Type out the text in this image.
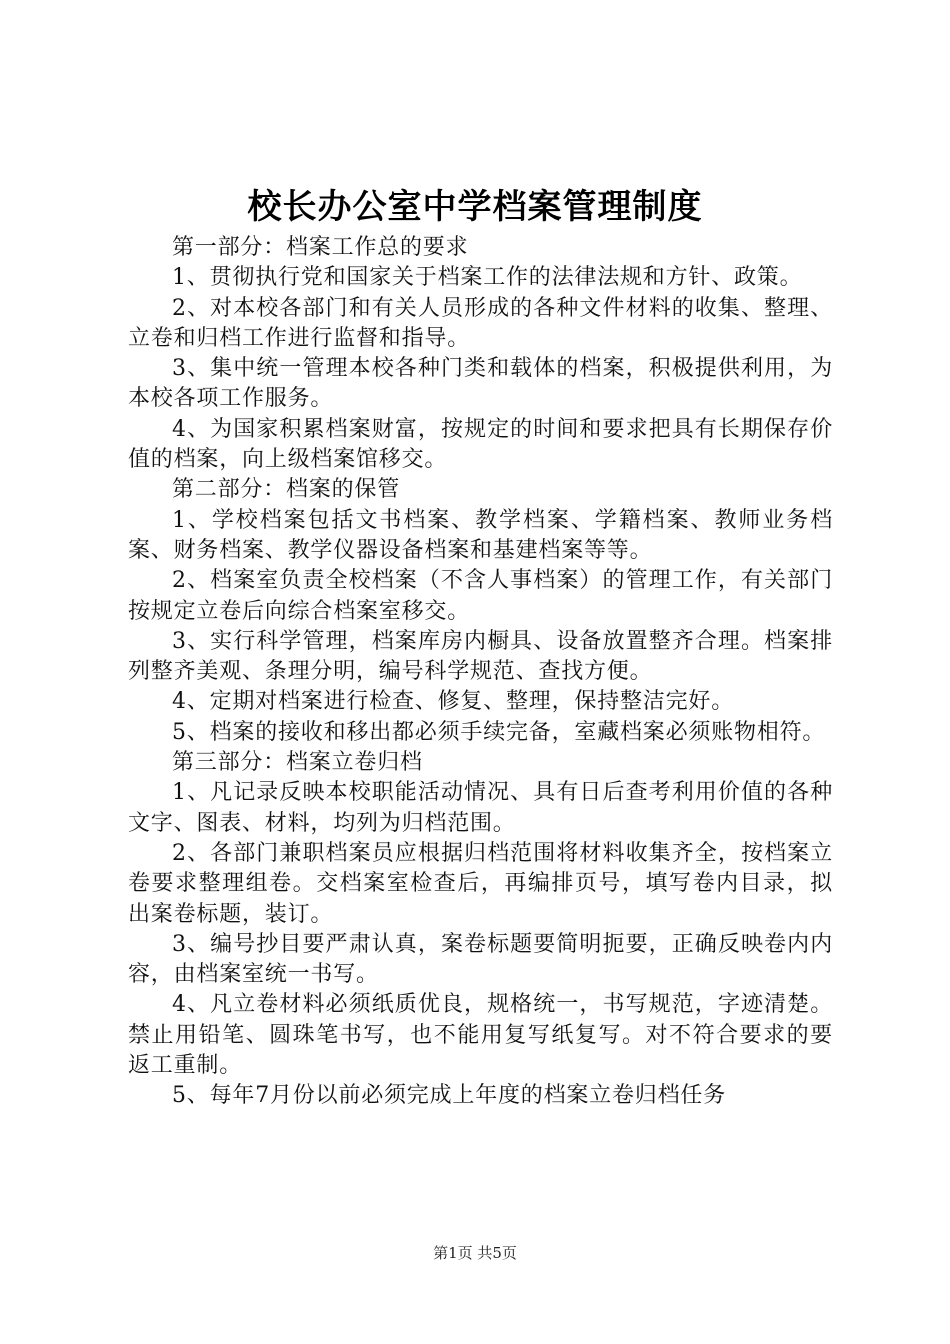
校长办公室中学档案管理制度

第一部分：档案工作总的要求

1、贯彻执行党和国家关于档案工作的法律法规和方针、政策。

2、对本校各部门和有关人员形成的各种文件材料的收集、整理、立卷和归档工作进行监督和指导。

3、集中统一管理本校各种门类和载体的档案，积极提供利用，为本校各项工作服务。

4、为国家积累档案财富，按规定的时间和要求把具有长期保存价值的档案，向上级档案馆移交。

第二部分：档案的保管

1、学校档案包括文书档案、教学档案、学籍档案、教师业务档案、财务档案、教学仪器设备档案和基建档案等等。

2、档案室负责全校档案（不含人事档案）的管理工作，有关部门按规定立卷后向综合档案室移交。

3、实行科学管理，档案库房内橱具、设备放置整齐合理。档案排列整齐美观、条理分明，编号科学规范、查找方便。

4、定期对档案进行检查、修复、整理，保持整洁完好。

5、档案的接收和移出都必须手续完备，室藏档案必须账物相符。

第三部分：档案立卷归档

1、凡记录反映本校职能活动情况、具有日后查考利用价值的各种文字、图表、材料，均列为归档范围。

2、各部门兼职档案员应根据归档范围将材料收集齐全，按档案立卷要求整理组卷。交档案室检查后，再编排页号，填写卷内目录，拟出案卷标题，装订。

3、编号抄目要严肃认真，案卷标题要简明扼要，正确反映卷内内容，由档案室统一书写。

4、凡立卷材料必须纸质优良，规格统一，书写规范，字迹清楚。禁止用铅笔、圆珠笔书写，也不能用复写纸复写。对不符合要求的要返工重制。

5、每年7月份以前必须完成上年度的档案立卷归档任务

第1页 共5页
